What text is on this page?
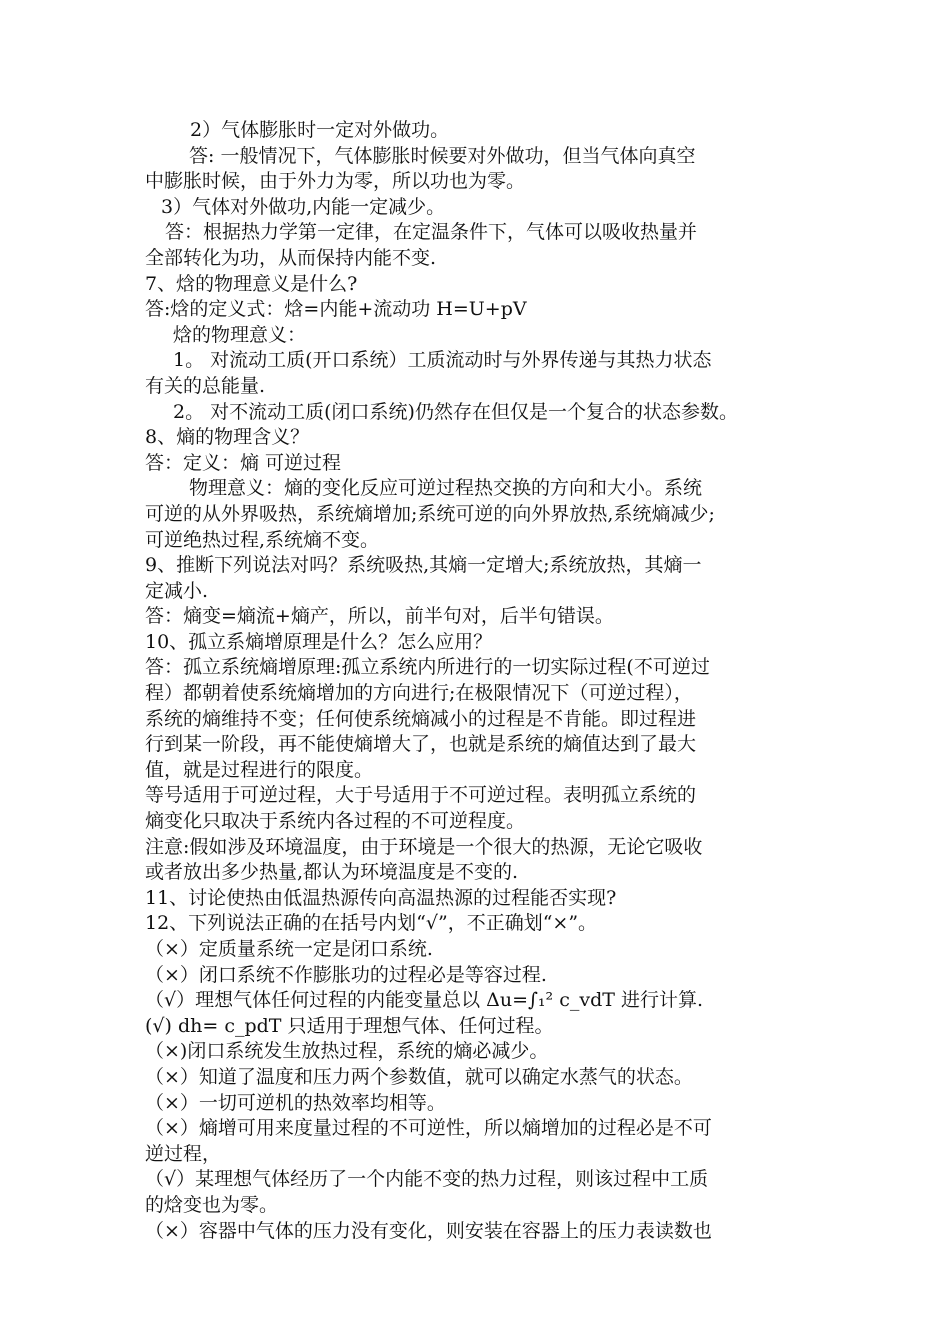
2）气体膨胀时一定对外做功。
答: 一般情况下，气体膨胀时候要对外做功，但当气体向真空
中膨胀时候，由于外力为零，所以功也为零。
3）气体对外做功,内能一定减少。
答：根据热力学第一定律，在定温条件下，气体可以吸收热量并
全部转化为功，从而保持内能不变.
7、焓的物理意义是什么?
答:焓的定义式：焓=内能+流动功 H=U+pV
焓的物理意义：
1。 对流动工质(开口系统）工质流动时与外界传递与其热力状态
有关的总能量.
2。 对不流动工质(闭口系统)仍然存在但仅是一个复合的状态参数。
8、熵的物理含义？
答：定义：熵 可逆过程
物理意义：熵的变化反应可逆过程热交换的方向和大小。系统
可逆的从外界吸热，系统熵增加;系统可逆的向外界放热,系统熵减少;
可逆绝热过程,系统熵不变。
9、推断下列说法对吗？系统吸热,其熵一定增大;系统放热，其熵一
定减小.
答：熵变=熵流+熵产，所以，前半句对，后半句错误。
10、孤立系熵增原理是什么？怎么应用？
答：孤立系统熵增原理:孤立系统内所进行的一切实际过程(不可逆过
程）都朝着使系统熵增加的方向进行;在极限情况下（可逆过程），
系统的熵维持不变；任何使系统熵减小的过程是不肯能。即过程进
行到某一阶段，再不能使熵增大了，也就是系统的熵值达到了最大
值，就是过程进行的限度。
等号适用于可逆过程，大于号适用于不可逆过程。表明孤立系统的
熵变化只取决于系统内各过程的不可逆程度。
注意:假如涉及环境温度，由于环境是一个很大的热源，无论它吸收
或者放出多少热量,都认为环境温度是不变的.
11、讨论使热由低温热源传向高温热源的过程能否实现?
12、下列说法正确的在括号内划“√”，不正确划“×”。
（×）定质量系统一定是闭口系统.
（×）闭口系统不作膨胀功的过程必是等容过程.
（√）理想气体任何过程的内能变量总以 Δu=∫₁² c_vdT 进行计算.
(√) dh= c_pdT 只适用于理想气体、任何过程。
（×)闭口系统发生放热过程，系统的熵必减少。
（×）知道了温度和压力两个参数值，就可以确定水蒸气的状态。
（×）一切可逆机的热效率均相等。
（×）熵增可用来度量过程的不可逆性，所以熵增加的过程必是不可
逆过程，
（√）某理想气体经历了一个内能不变的热力过程，则该过程中工质
的焓变也为零。
（×）容器中气体的压力没有变化，则安装在容器上的压力表读数也
